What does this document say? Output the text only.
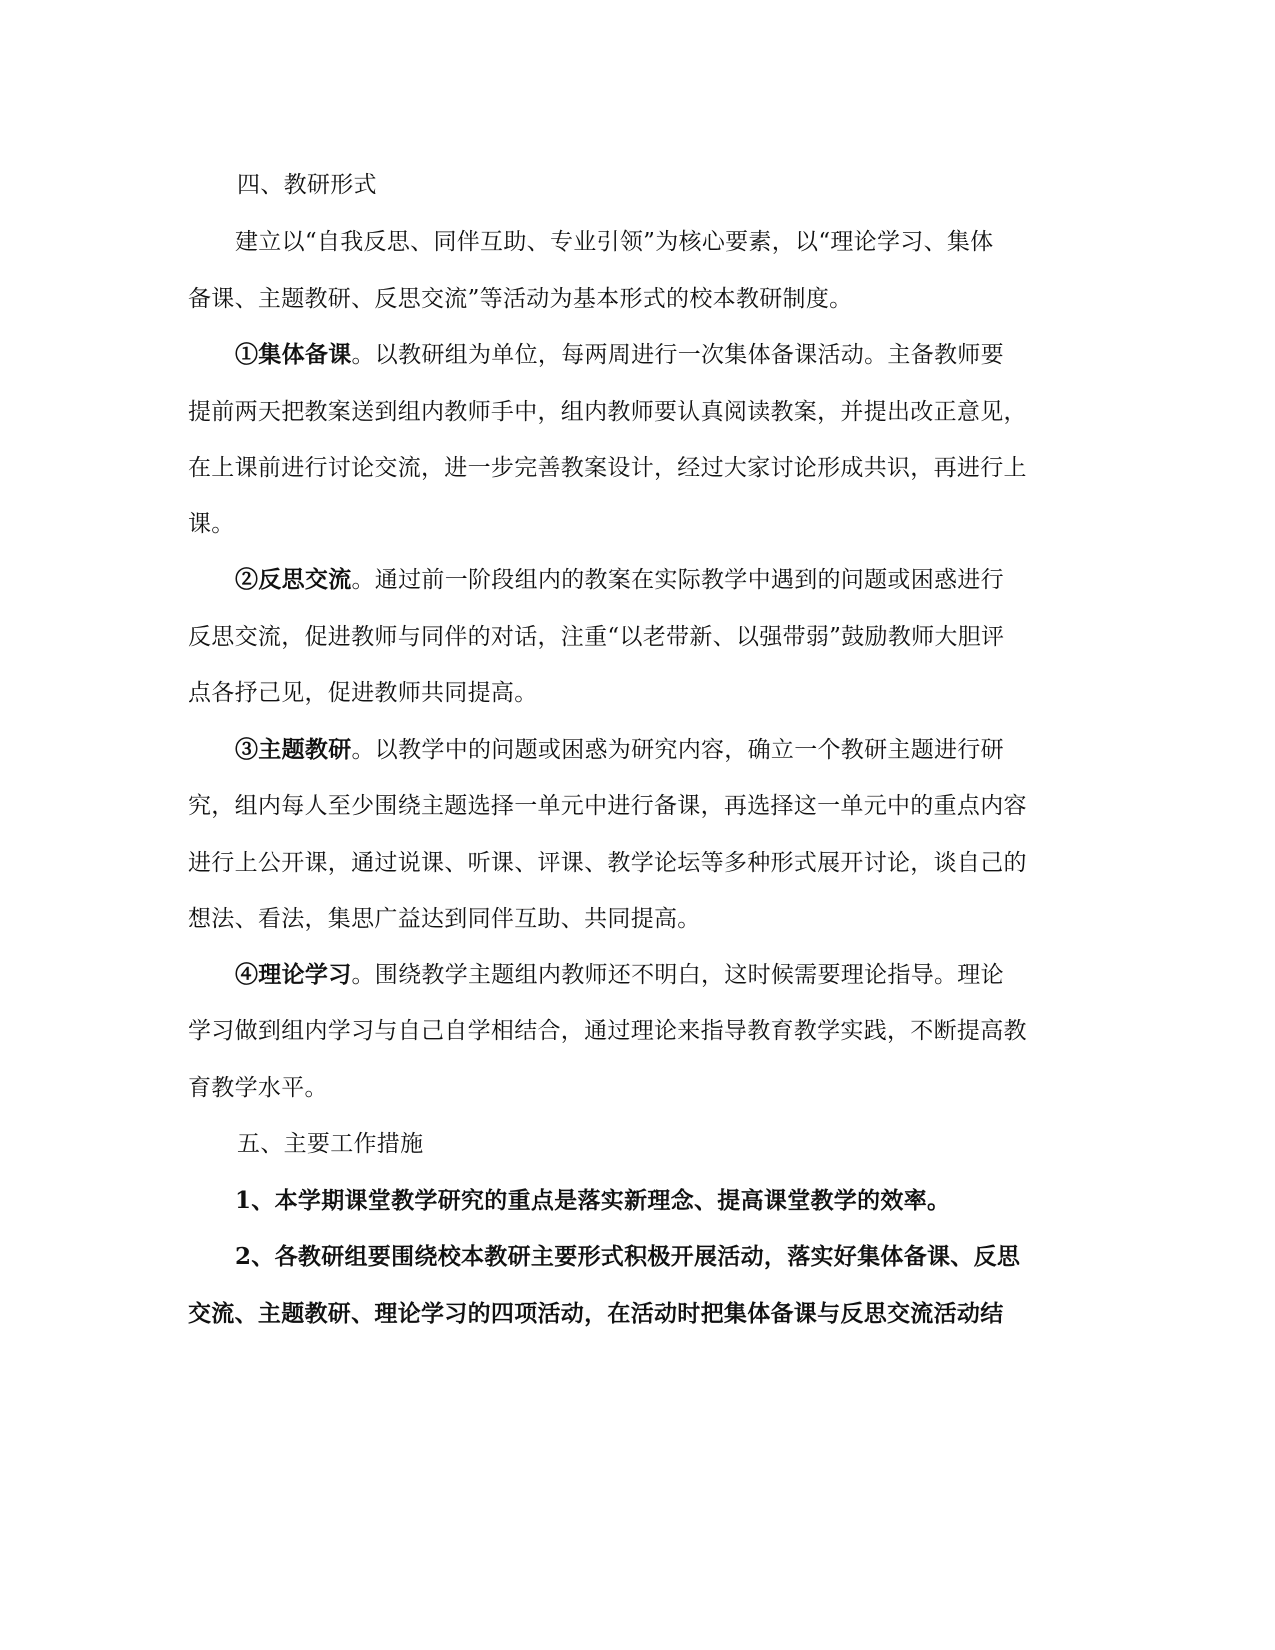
四、教研形式
建立以“自我反思、同伴互助、专业引领”为核心要素，以“理论学习、集体
备课、主题教研、反思交流”等活动为基本形式的校本教研制度。
①集体备课。以教研组为单位，每两周进行一次集体备课活动。主备教师要
提前两天把教案送到组内教师手中，组内教师要认真阅读教案，并提出改正意见，
在上课前进行讨论交流，进一步完善教案设计，经过大家讨论形成共识，再进行上
课。
②反思交流。通过前一阶段组内的教案在实际教学中遇到的问题或困惑进行
反思交流，促进教师与同伴的对话，注重“以老带新、以强带弱”鼓励教师大胆评
点各抒己见，促进教师共同提高。
③主题教研。以教学中的问题或困惑为研究内容，确立一个教研主题进行研
究，组内每人至少围绕主题选择一单元中进行备课，再选择这一单元中的重点内容
进行上公开课，通过说课、听课、评课、教学论坛等多种形式展开讨论，谈自己的
想法、看法，集思广益达到同伴互助、共同提高。
④理论学习。围绕教学主题组内教师还不明白，这时候需要理论指导。理论
学习做到组内学习与自己自学相结合，通过理论来指导教育教学实践，不断提高教
育教学水平。
五、主要工作措施
1、本学期课堂教学研究的重点是落实新理念、提高课堂教学的效率。
2、各教研组要围绕校本教研主要形式积极开展活动，落实好集体备课、反思
交流、主题教研、理论学习的四项活动，在活动时把集体备课与反思交流活动结
